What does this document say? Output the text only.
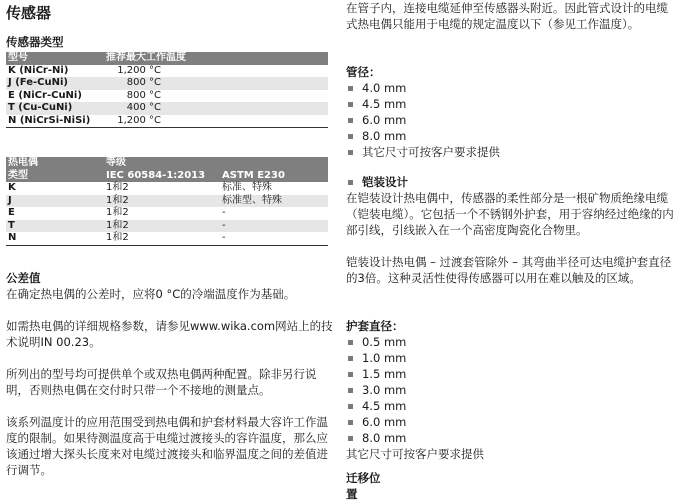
传感器
传感器类型
型号	推荐最大工作温度
K (NiCr-Ni)	1,200 °C
J (Fe-CuNi)	800 °C
E (NiCr-CuNi)	800 °C
T (Cu-CuNi)	400 °C
N (NiCrSi-NiSi)	1,200 °C
热电偶	等级	
类型	IEC 60584-1:2013	ASTM E230
K	1和2	标准、特殊
J	1和2	标准型、特殊
E	1和2	-
T	1和2	-
N	1和2	-
公差值

在确定热电偶的公差时，应将0 °C的冷端温度作为基础。

如需热电偶的详细规格参数，请参见www.wika.com网站上的技术说明IN 00.23。

所列出的型号均可提供单个或双热电偶两种配置。除非另行说明，否则热电偶在交付时只带一个不接地的测量点。

该系列温度计的应用范围受到热电偶和护套材料最大容许工作温度的限制。如果待测温度高于电缆过渡接头的容许温度，那么应该通过增大探头长度来对电缆过渡接头和临界温度之间的差值进行调节。

在管子内，连接电缆延伸至传感器头附近。因此管式设计的电缆式热电偶只能用于电缆的规定温度以下（参见工作温度）。

管径：
4.0 mm
4.5 mm
6.0 mm
8.0 mm
其它尺寸可按客户要求提供
铠装设计

在铠装设计热电偶中，传感器的柔性部分是一根矿物质绝缘电缆（铠装电缆）。它包括一个不锈钢外护套，用于容纳经过绝缘的内部引线，引线嵌入在一个高密度陶瓷化合物里。

铠装设计热电偶 – 过渡套管除外 – 其弯曲半径可达电缆护套直径的3倍。这种灵活性使得传感器可以用在难以触及的区域。

护套直径：
0.5 mm
1.0 mm
1.5 mm
3.0 mm
4.5 mm
6.0 mm
8.0 mm

其它尺寸可按客户要求提供

迁移位置
